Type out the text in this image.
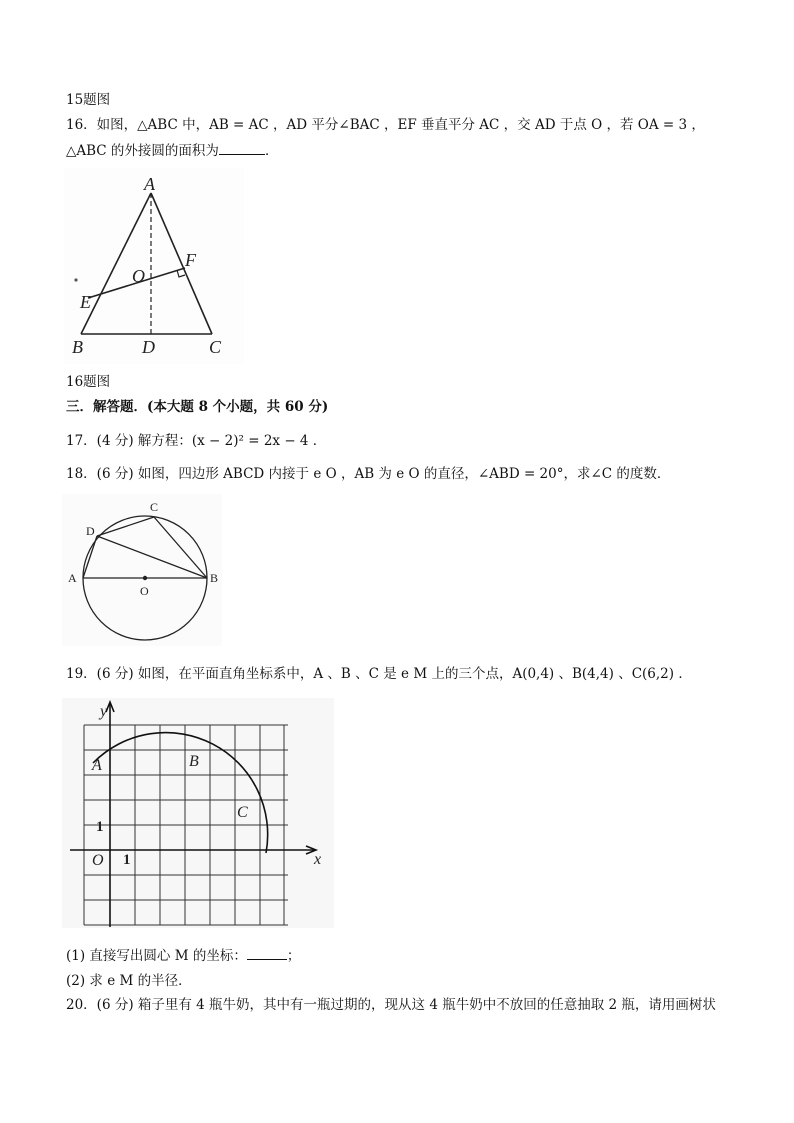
15题图
16．如图，△ABC 中，AB = AC ，AD 平分∠BAC ，EF 垂直平分 AC ，交 AD 于点 O ，若 OA = 3 ，
△ABC 的外接圆的面积为	．
A
B	C
D
E
F
O
16题图
三．解答题．(本大题 8 个小题，共 60 分)
17．(4 分) 解方程：(x − 2)² = 2x − 4 ．
18．(6 分) 如图，四边形 ABCD 内接于 e O ，AB 为 e O 的直径，∠ABD = 20°，求∠C 的度数．
A	B
C
D
O
19．(6 分) 如图，在平面直角坐标系中，A 、B 、C 是 e M 上的三个点，A(0,4) 、B(4,4) 、C(6,2) ．
y
x
O 1
1
A	B
C
(1) 直接写出圆心 M 的坐标：	；
(2) 求 e M 的半径．
20．(6 分) 箱子里有 4 瓶牛奶，其中有一瓶过期的，现从这 4 瓶牛奶中不放回的任意抽取 2 瓶，请用画树状
